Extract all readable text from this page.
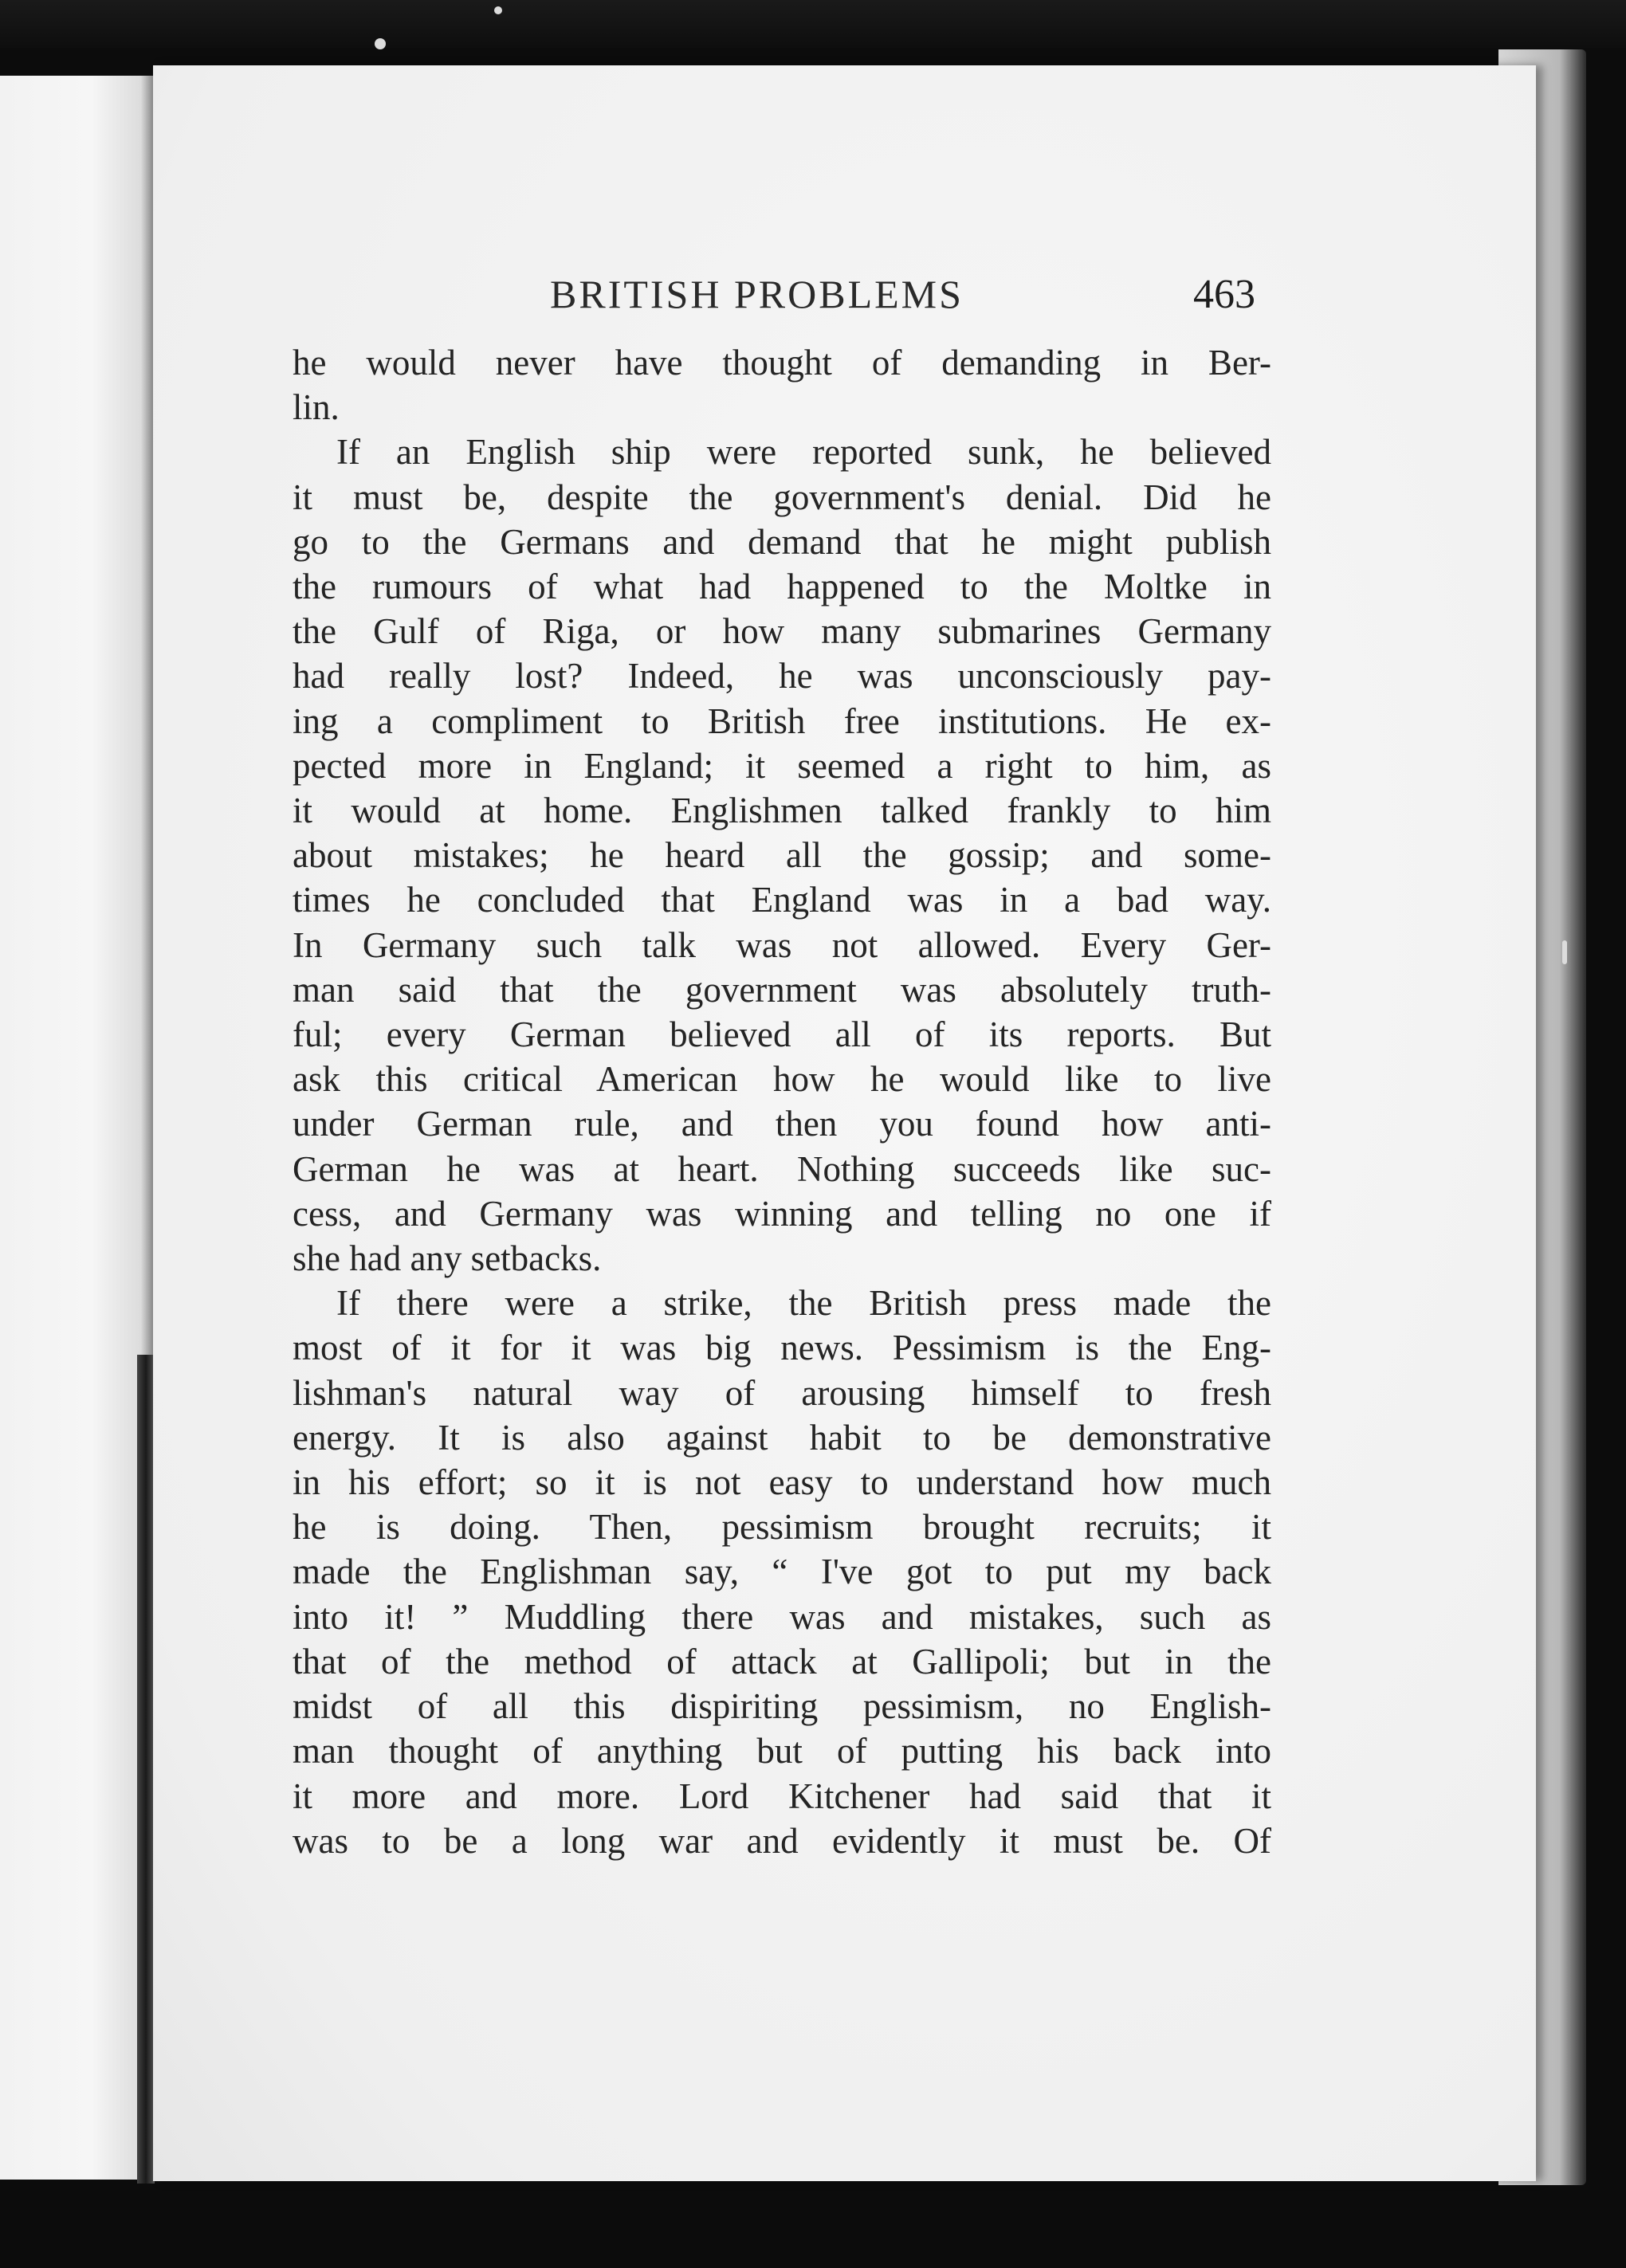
BRITISH PROBLEMS	463
he would never have thought of demanding in Ber-
lin.
If an English ship were reported sunk, he believed
it must be, despite the government's denial. Did he
go to the Germans and demand that he might publish
the rumours of what had happened to the Moltke in
the Gulf of Riga, or how many submarines Germany
had really lost? Indeed, he was unconsciously pay-
ing a compliment to British free institutions. He ex-
pected more in England; it seemed a right to him, as
it would at home. Englishmen talked frankly to him
about mistakes; he heard all the gossip; and some-
times he concluded that England was in a bad way.
In Germany such talk was not allowed. Every Ger-
man said that the government was absolutely truth-
ful; every German believed all of its reports. But
ask this critical American how he would like to live
under German rule, and then you found how anti-
German he was at heart. Nothing succeeds like suc-
cess, and Germany was winning and telling no one if
she had any setbacks.
If there were a strike, the British press made the
most of it for it was big news. Pessimism is the Eng-
lishman's natural way of arousing himself to fresh
energy. It is also against habit to be demonstrative
in his effort; so it is not easy to understand how much
he is doing. Then, pessimism brought recruits; it
made the Englishman say, “ I've got to put my back
into it! ” Muddling there was and mistakes, such as
that of the method of attack at Gallipoli; but in the
midst of all this dispiriting pessimism, no English-
man thought of anything but of putting his back into
it more and more. Lord Kitchener had said that it
was to be a long war and evidently it must be. Of
